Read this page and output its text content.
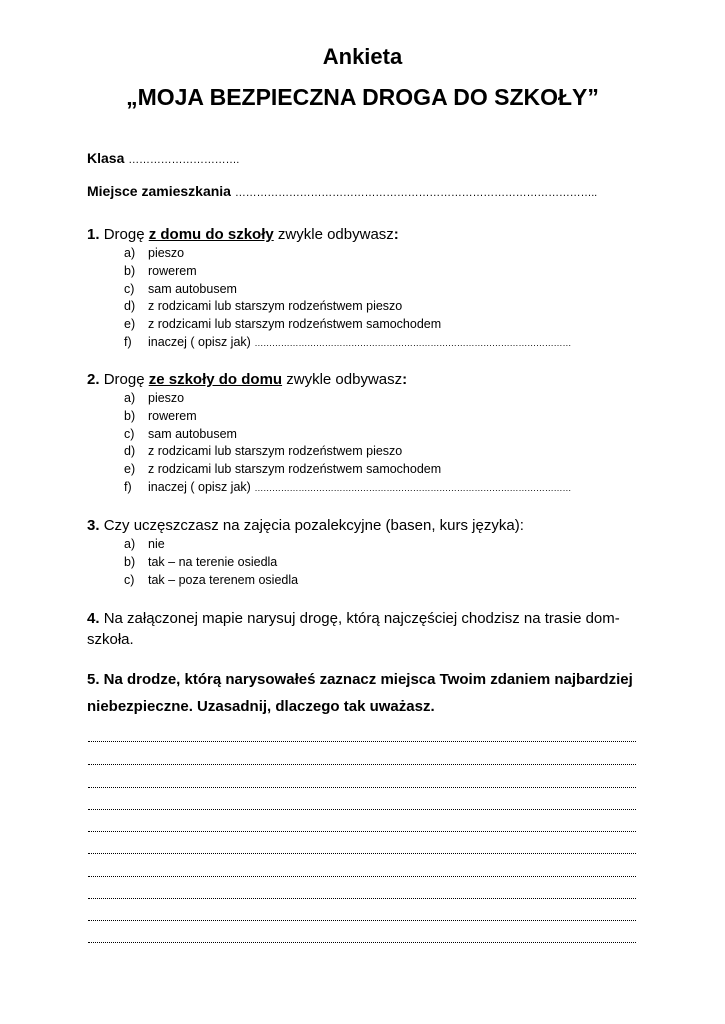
Ankieta
„MOJA BEZPIECZNA DROGA DO SZKOŁY”
Klasa ………………………….
Miejsce zamieszkania ………………………………………………………………………………………..
1. Drogę z domu do szkoły zwykle odbywasz:
a) pieszo
b) rowerem
c) sam autobusem
d) z rodzicami lub starszym rodzeństwem pieszo
e) z rodzicami lub starszym rodzeństwem samochodem
f) inaczej ( opisz jak) ………………………………………………………………………………………………
2. Drogę ze szkoły do domu zwykle odbywasz:
a) pieszo
b) rowerem
c) sam autobusem
d) z rodzicami lub starszym rodzeństwem pieszo
e) z rodzicami lub starszym rodzeństwem samochodem
f) inaczej ( opisz jak) ………………………………………………………………………………………………
3. Czy uczęszczasz na zajęcia pozalekcyjne (basen, kurs języka):
a) nie
b) tak – na terenie osiedla
c) tak – poza terenem osiedla
4. Na załączonej mapie narysuj drogę, którą najczęściej chodzisz na trasie dom-szkoła.
5. Na drodze, którą narysowałeś zaznacz miejsca Twoim zdaniem najbardziej niebezpieczne. Uzasadnij, dlaczego tak uważasz.
